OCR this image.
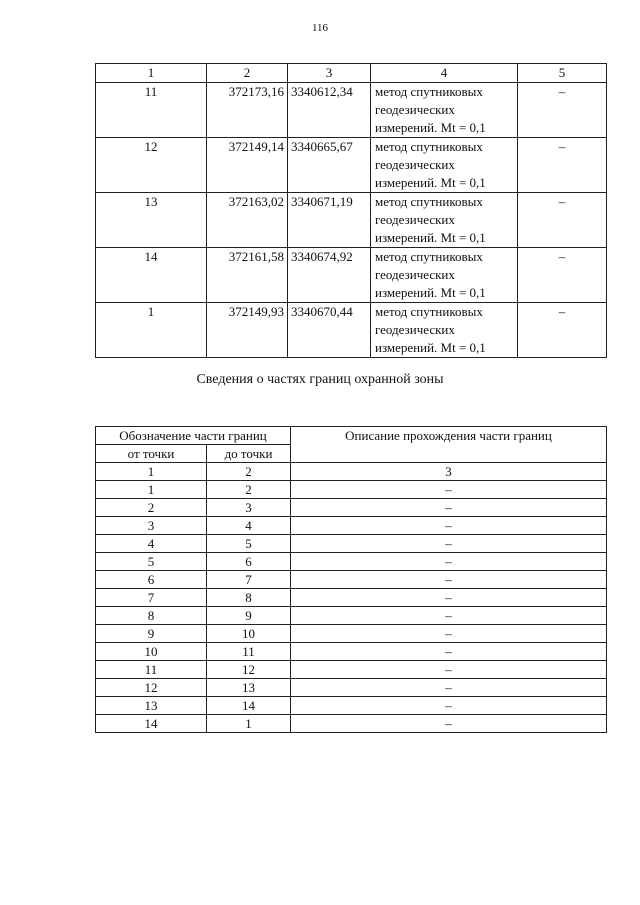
116
1	2	3	4	5
11	372173,16	3340612,34	метод спутниковых
геодезических
измерений. Mt = 0,1	–
12	372149,14	3340665,67	метод спутниковых
геодезических
измерений. Mt = 0,1	–
13	372163,02	3340671,19	метод спутниковых
геодезических
измерений. Mt = 0,1	–
14	372161,58	3340674,92	метод спутниковых
геодезических
измерений. Mt = 0,1	–
1	372149,93	3340670,44	метод спутниковых
геодезических
измерений. Mt = 0,1	–
Сведения о частях границ охранной зоны
Обозначение части границ		Описание прохождения части границ
от точки	до точки	
1	2	3
1	2	–
2	3	–
3	4	–
4	5	–
5	6	–
6	7	–
7	8	–
8	9	–
9	10	–
10	11	–
11	12	–
12	13	–
13	14	–
14	1	–
